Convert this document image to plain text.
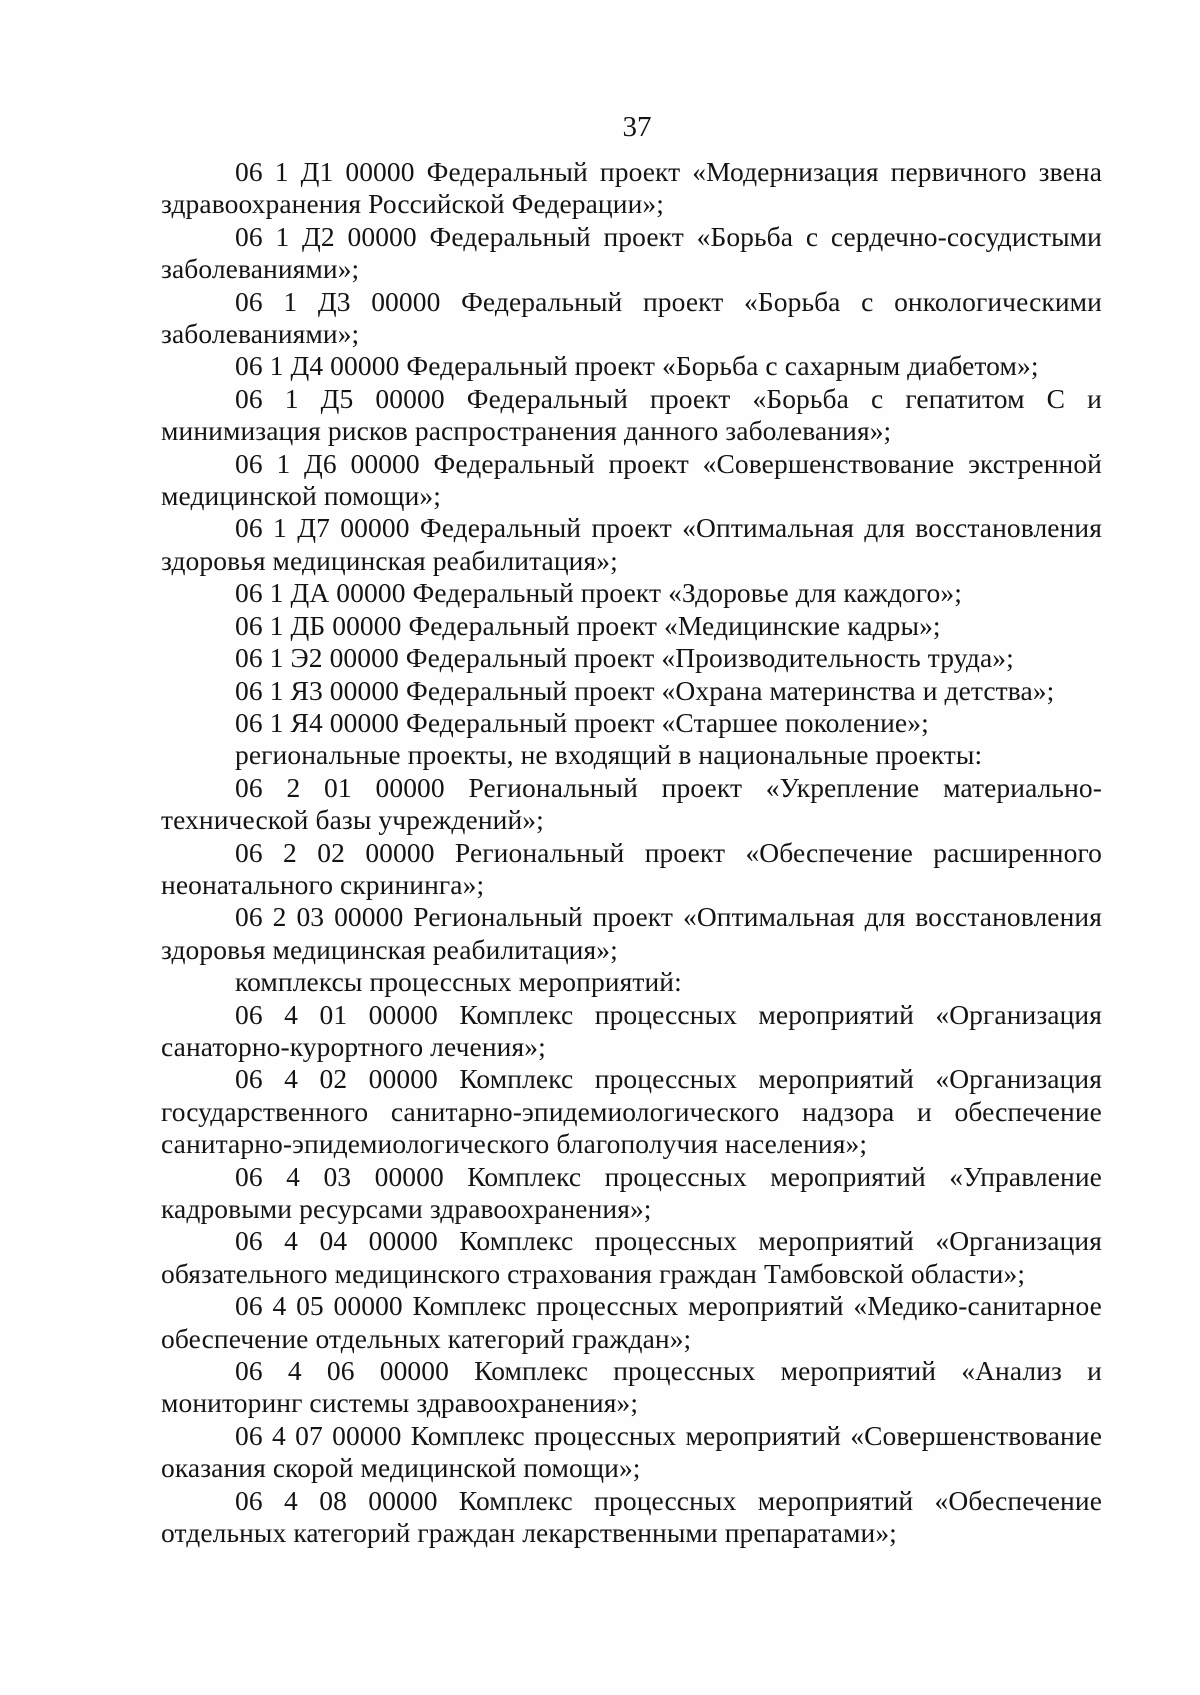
37

06 1 Д1 00000 Федеральный проект «Модернизация первичного звена здравоохранения Российской Федерации»;

06 1 Д2 00000 Федеральный проект «Борьба с сердечно-сосудистыми заболеваниями»;

06 1 Д3 00000 Федеральный проект «Борьба с онкологическими заболеваниями»;

06 1 Д4 00000 Федеральный проект «Борьба с сахарным диабетом»;

06 1 Д5 00000 Федеральный проект «Борьба с гепатитом С и минимизация рисков распространения данного заболевания»;

06 1 Д6 00000 Федеральный проект «Совершенствование экстренной медицинской помощи»;

06 1 Д7 00000 Федеральный проект «Оптимальная для восстановления здоровья медицинская реабилитация»;

06 1 ДА 00000 Федеральный проект «Здоровье для каждого»;

06 1 ДБ 00000 Федеральный проект «Медицинские кадры»;

06 1 Э2 00000 Федеральный проект «Производительность труда»;

06 1 Я3 00000 Федеральный проект «Охрана материнства и детства»;

06 1 Я4 00000 Федеральный проект «Старшее поколение»;

региональные проекты, не входящий в национальные проекты:

06 2 01 00000 Региональный проект «Укрепление материально-технической базы учреждений»;

06 2 02 00000 Региональный проект «Обеспечение расширенного неонатального скрининга»;

06 2 03 00000 Региональный проект «Оптимальная для восстановления здоровья медицинская реабилитация»;

комплексы процессных мероприятий:

06 4 01 00000 Комплекс процессных мероприятий «Организация санаторно-курортного лечения»;

06 4 02 00000 Комплекс процессных мероприятий «Организация государственного санитарно-эпидемиологического надзора и обеспечение санитарно-эпидемиологического благополучия населения»;

06 4 03 00000 Комплекс процессных мероприятий «Управление кадровыми ресурсами здравоохранения»;

06 4 04 00000 Комплекс процессных мероприятий «Организация обязательного медицинского страхования граждан Тамбовской области»;

06 4 05 00000 Комплекс процессных мероприятий «Медико-санитарное обеспечение отдельных категорий граждан»;

06 4 06 00000 Комплекс процессных мероприятий «Анализ и мониторинг системы здравоохранения»;

06 4 07 00000 Комплекс процессных мероприятий «Совершенствование оказания скорой медицинской помощи»;

06 4 08 00000 Комплекс процессных мероприятий «Обеспечение отдельных категорий граждан лекарственными препаратами»;
